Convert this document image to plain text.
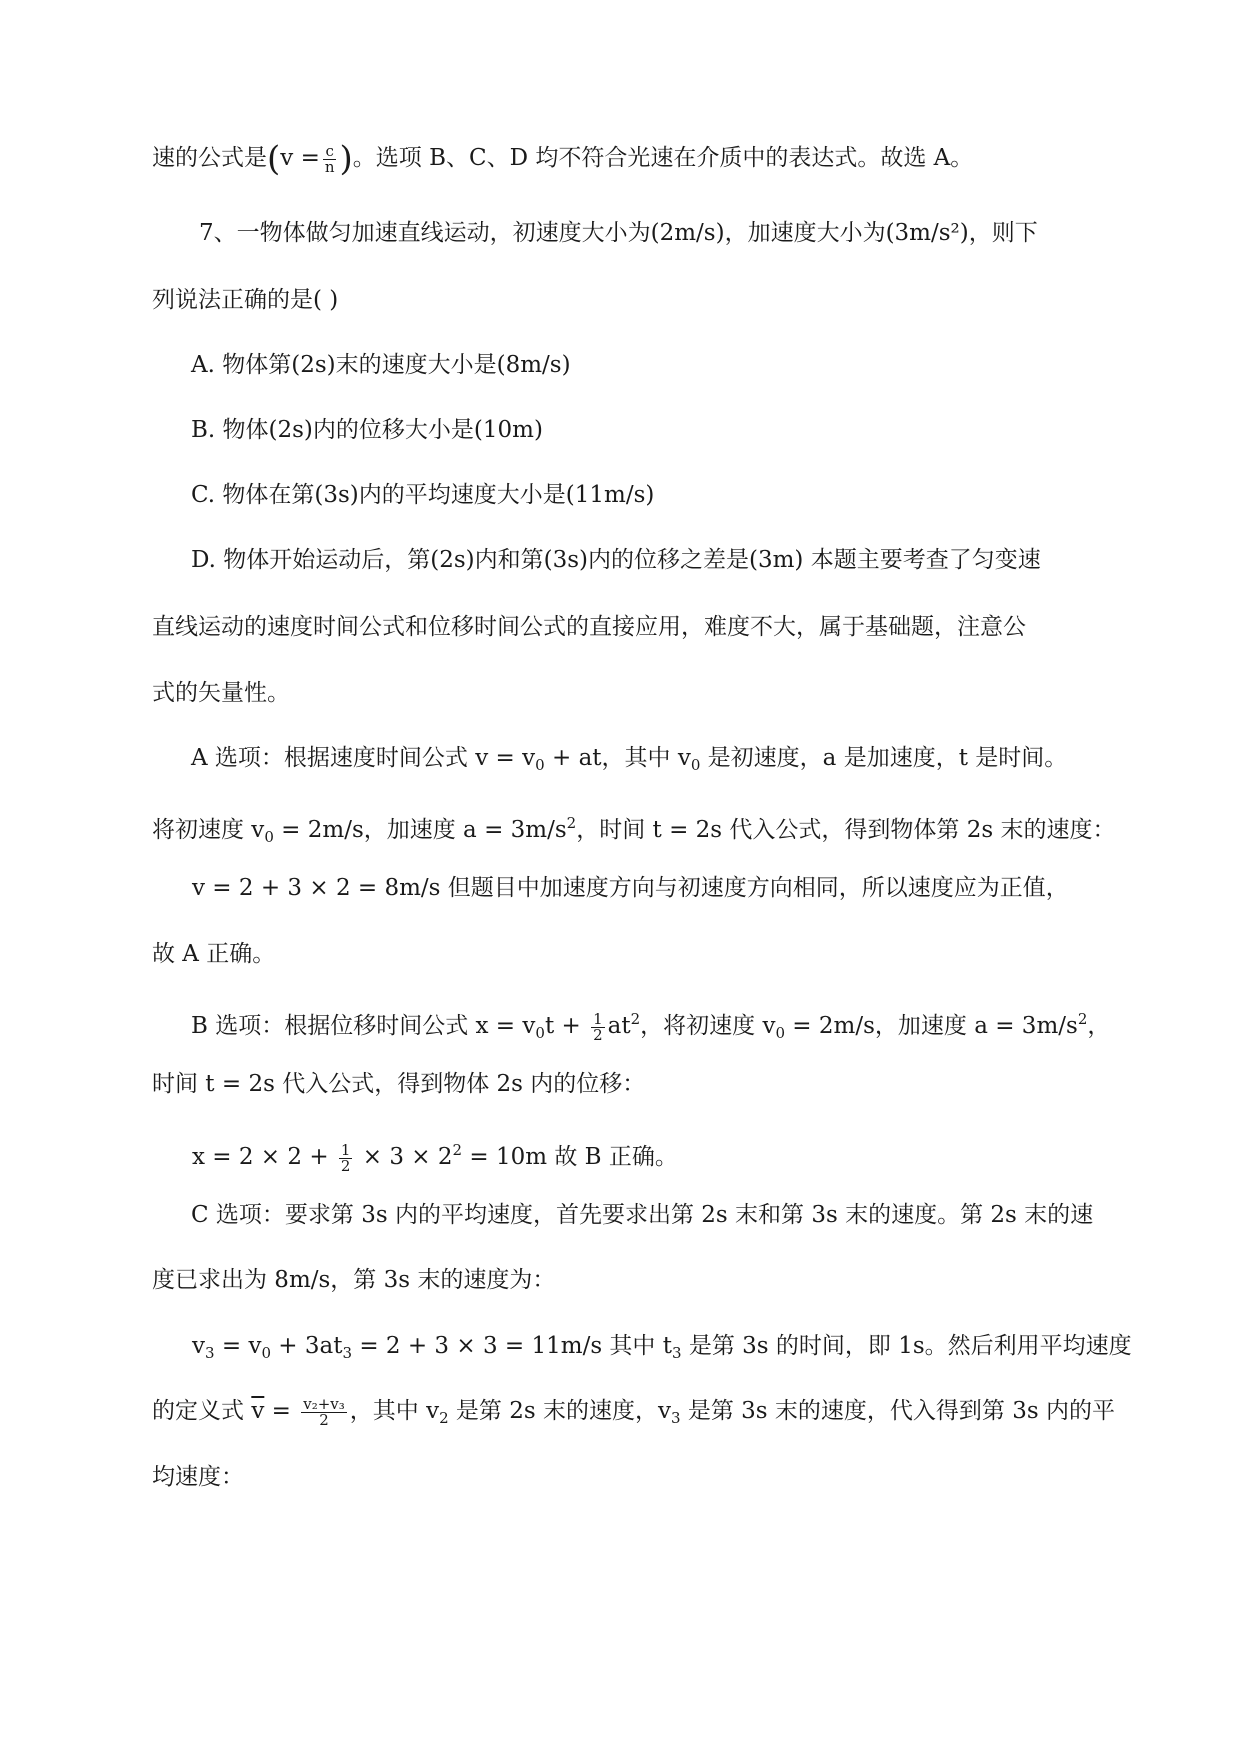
速的公式是($v = \frac{c}{n}$ )。选项 B、C、D 均不符合光速在介质中的表达式。故选 A。
7、一物体做匀加速直线运动，初速度大小为(2m/s)，加速度大小为(3m/s²)，则下
列说法正确的是( )
A. 物体第(2s)末的速度大小是(8m/s)
B. 物体(2s)内的位移大小是(10m)
C. 物体在第(3s)内的平均速度大小是(11m/s)
D. 物体开始运动后，第(2s)内和第(3s)内的位移之差是(3m) 本题主要考查了匀变速
直线运动的速度时间公式和位移时间公式的直接应用，难度不大，属于基础题，注意公
式的矢量性。
A 选项：根据速度时间公式 $v = v_0$ + at，其中 $v_0$ 是初速度，a 是加速度，t 是时间。
将初速度 $v_0 = 2m/s$，加速度 $a = 3m/s^2$，时间 t = 2s 代入公式，得到物体第 2s 末的速度：
v = 2 + 3 × 2 = 8m/s 但题目中加速度方向与初速度方向相同，所以速度应为正值，
故 A 正确。
B 选项：根据位移时间公式 $x = v_0t + \frac{1}{2} at^2$，将初速度 $v_0 = 2m/s$，加速度 $a = 3m/s^2$，
时间 t = 2s 代入公式，得到物体 2s 内的位移：
$x = 2 \times 2 + \frac{1}{2} \times 3 \times 2^2 = 10m$ 故 B 正确。
C 选项：要求第 3s 内的平均速度，首先要求出第 2s 末和第 3s 末的速度。第 2s 末的速
度已求出为 8m/s，第 3s 末的速度为：
$v_3 = v_0 + 3at_3 = 2 + 3 \times 3 = 11m/s$ 其中 $t_3$ 是第 3s 的时间，即 1s。然后利用平均速度
的定义式 $\overline{v} = \frac{\text{v₂+v₃}}{2}$ ，其中 $v_2$ 是第 2s 末的速度，$v_3$ 是第 3s 末的速度，代入得到第 3s 内的平
均速度：
